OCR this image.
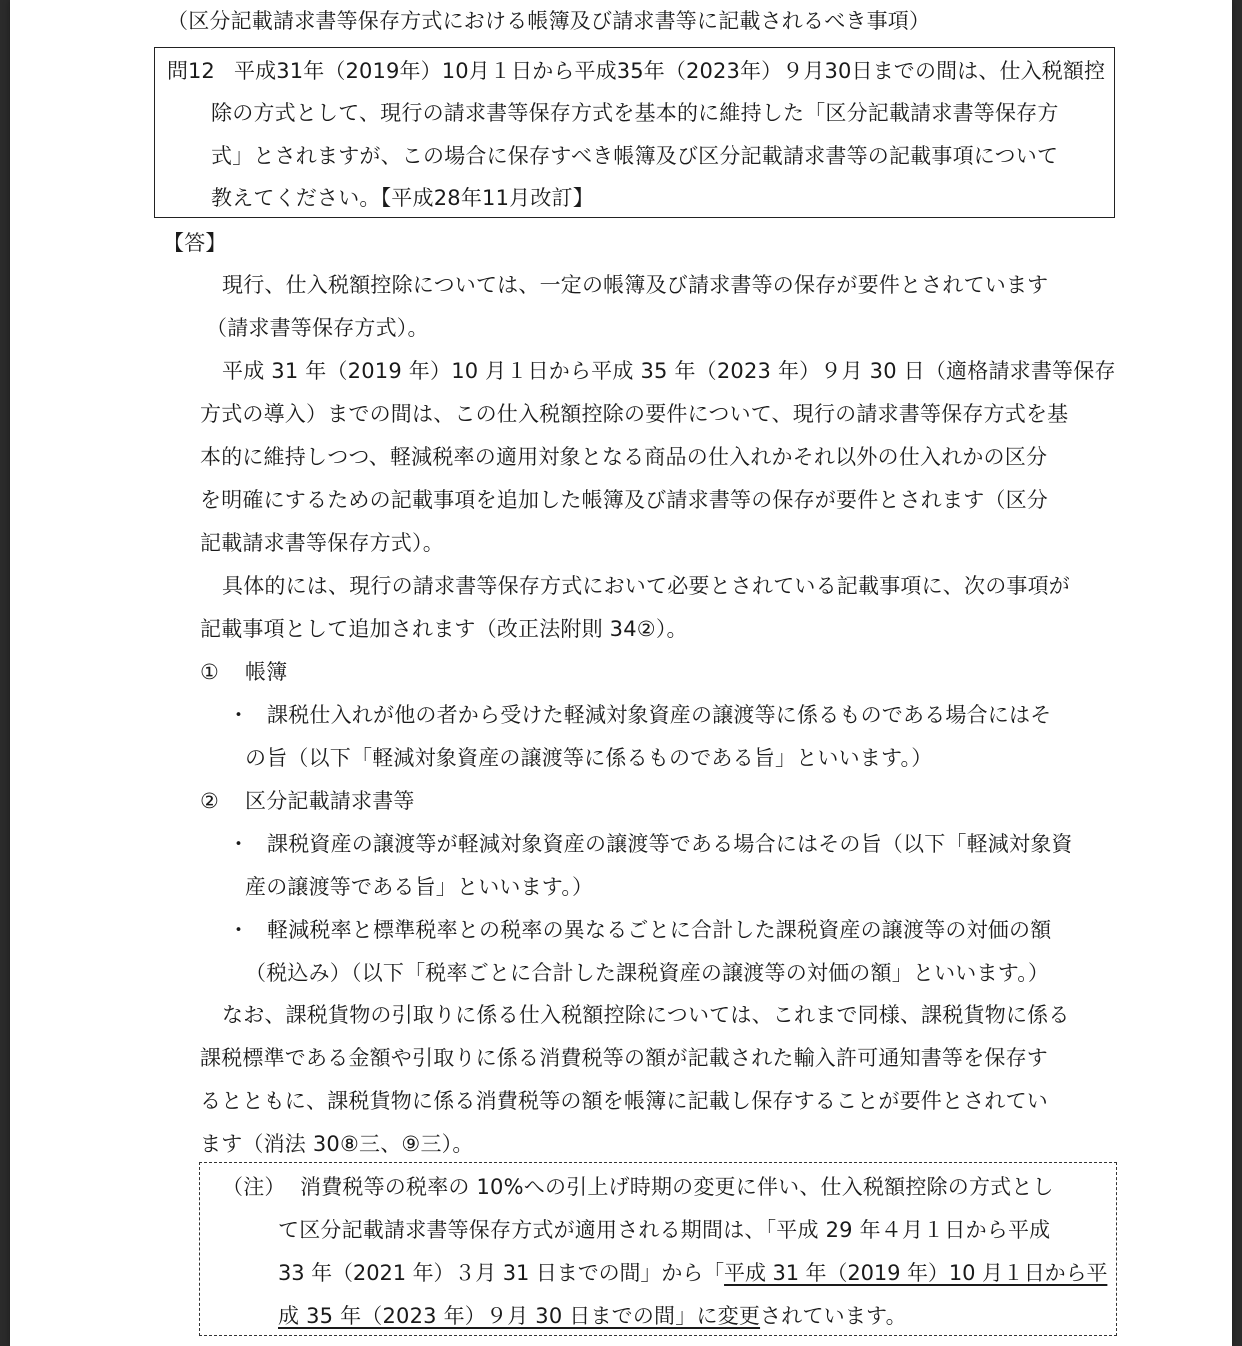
（区分記載請求書等保存方式における帳簿及び請求書等に記載されるべき事項）
問12 平成31年（2019年）10月１日から平成35年（2023年）９月30日までの間は、仕入税額控
除の方式として、現行の請求書等保存方式を基本的に維持した「区分記載請求書等保存方
式」とされますが、この場合に保存すべき帳簿及び区分記載請求書等の記載事項について
教えてください。【平成28年11月改訂】
【答】
現行、仕入税額控除については、一定の帳簿及び請求書等の保存が要件とされています
（請求書等保存方式）。
平成 31 年（2019 年）10 月１日から平成 35 年（2023 年）９月 30 日（適格請求書等保存
方式の導入）までの間は、この仕入税額控除の要件について、現行の請求書等保存方式を基
本的に維持しつつ、軽減税率の適用対象となる商品の仕入れかそれ以外の仕入れかの区分
を明確にするための記載事項を追加した帳簿及び請求書等の保存が要件とされます（区分
記載請求書等保存方式）。
具体的には、現行の請求書等保存方式において必要とされている記載事項に、次の事項が
記載事項として追加されます（改正法附則 34②）。
① 帳簿
・ 課税仕入れが他の者から受けた軽減対象資産の譲渡等に係るものである場合にはそ
の旨（以下「軽減対象資産の譲渡等に係るものである旨」といいます。）
② 区分記載請求書等
・ 課税資産の譲渡等が軽減対象資産の譲渡等である場合にはその旨（以下「軽減対象資
産の譲渡等である旨」といいます。）
・ 軽減税率と標準税率との税率の異なるごとに合計した課税資産の譲渡等の対価の額
（税込み）（以下「税率ごとに合計した課税資産の譲渡等の対価の額」といいます。）
なお、課税貨物の引取りに係る仕入税額控除については、これまで同様、課税貨物に係る
課税標準である金額や引取りに係る消費税等の額が記載された輸入許可通知書等を保存す
るとともに、課税貨物に係る消費税等の額を帳簿に記載し保存することが要件とされてい
ます（消法 30⑧三、⑨三）。
（注） 消費税等の税率の 10%への引上げ時期の変更に伴い、仕入税額控除の方式とし
て区分記載請求書等保存方式が適用される期間は、「平成 29 年４月１日から平成
33 年（2021 年）３月 31 日までの間」から「平成 31 年（2019 年）10 月１日から平
成 35 年（2023 年）９月 30 日までの間」に変更されています。
